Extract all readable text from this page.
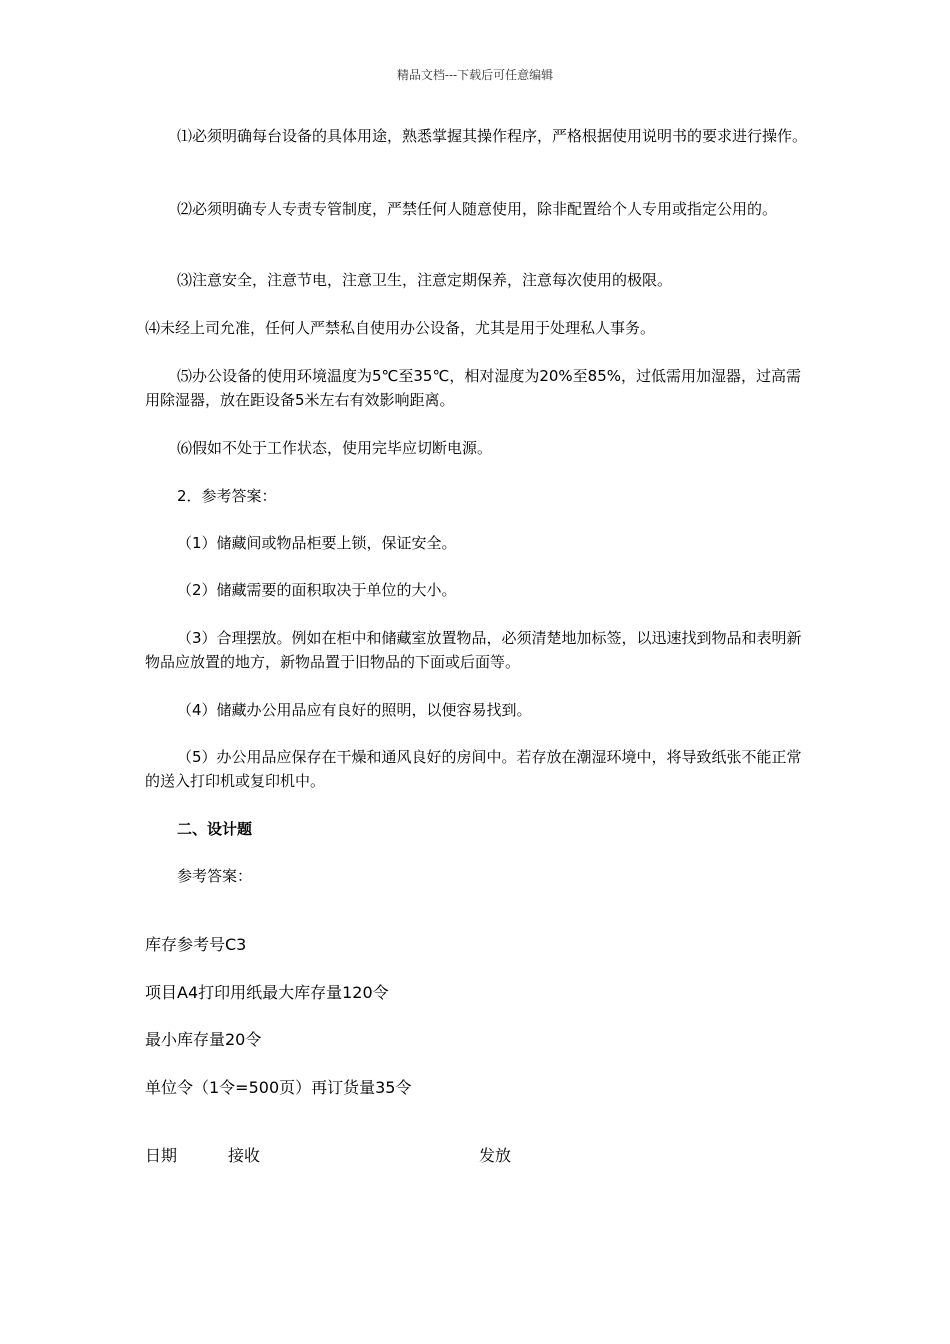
精品文档---下载后可任意编辑

⑴必须明确每台设备的具体用途，熟悉掌握其操作程序，严格根据使用说明书的要求进行操作。

⑵必须明确专人专责专管制度，严禁任何人随意使用，除非配置给个人专用或指定公用的。

⑶注意安全，注意节电，注意卫生，注意定期保养，注意每次使用的极限。

⑷未经上司允准，任何人严禁私自使用办公设备，尤其是用于处理私人事务。

⑸办公设备的使用环境温度为5℃至35℃，相对湿度为20%至85%，过低需用加湿器，过高需用除湿器，放在距设备5米左右有效影响距离。

⑹假如不处于工作状态，使用完毕应切断电源。

2．参考答案：

（1）储藏间或物品柜要上锁，保证安全。

（2）储藏需要的面积取决于单位的大小。

（3）合理摆放。例如在柜中和储藏室放置物品，必须清楚地加标签，以迅速找到物品和表明新物品应放置的地方，新物品置于旧物品的下面或后面等。

（4）储藏办公用品应有良好的照明，以便容易找到。

（5）办公用品应保存在干燥和通风良好的房间中。若存放在潮湿环境中，将导致纸张不能正常的送入打印机或复印机中。

二、设计题

参考答案：

库存参考号C3
项目A4打印用纸最大库存量120令
最小库存量20令
单位令（1令=500页）再订货量35令
日期	接收	发放
